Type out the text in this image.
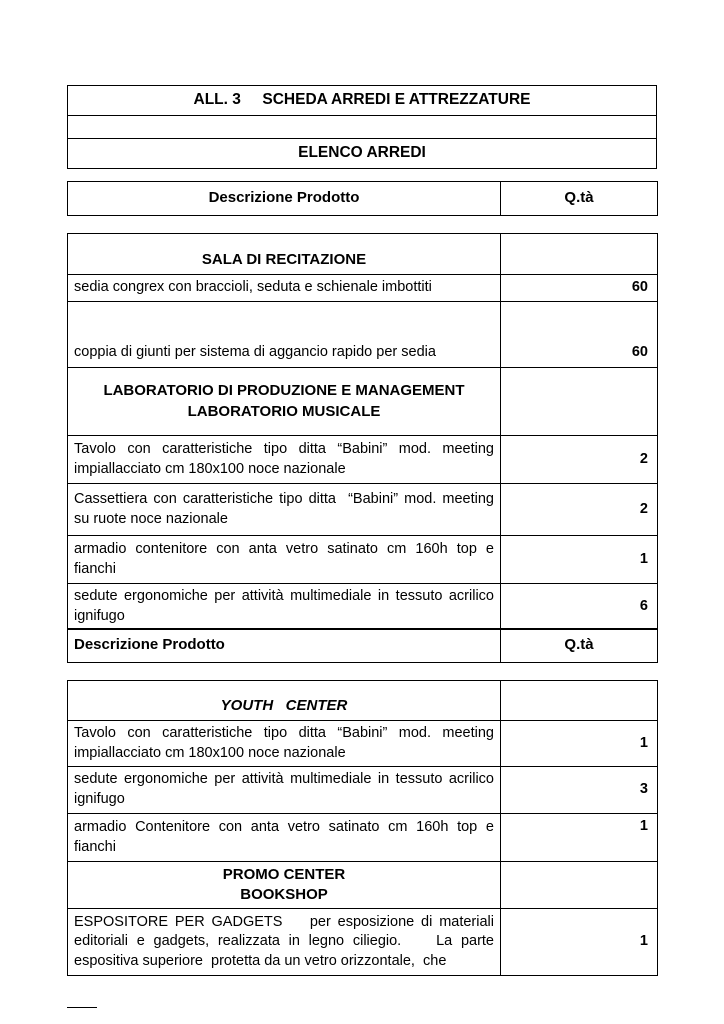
ALL. 3     SCHEDA ARREDI E ATTREZZATURE

ELENCO ARREDI
Descrizione Prodotto	Q.tà
SALA DI RECITAZIONE	
sedia congrex con braccioli, seduta e schienale imbottiti	60
coppia di giunti per sistema di aggancio rapido per sedia	60

LABORATORIO DI PRODUZIONE E MANAGEMENT
LABORATORIO MUSICALE	

Tavolo con caratteristiche tipo ditta “Babini” mod. meeting impiallacciato cm 180x100 noce nazionale	2
Cassettiera con caratteristiche tipo ditta  “Babini” mod. meeting su ruote noce nazionale	2
armadio contenitore con anta vetro satinato cm 160h top e fianchi	1
sedute ergonomiche per attività multimediale in tessuto acrilico ignifugo	6
Descrizione Prodotto	Q.tà
YOUTH   CENTER	
Tavolo con caratteristiche tipo ditta “Babini” mod. meeting impiallacciato cm 180x100 noce nazionale	1
sedute ergonomiche per attività multimediale in tessuto acrilico ignifugo	3
armadio Contenitore con anta vetro satinato cm 160h top e fianchi	1

PROMO CENTER
BOOKSHOP	

ESPOSITORE PER GADGETS    per esposizione di materiali editoriali e gadgets, realizzata in legno ciliegio.    La parte espositiva superiore  protetta da un vetro orizzontale,  che	1
